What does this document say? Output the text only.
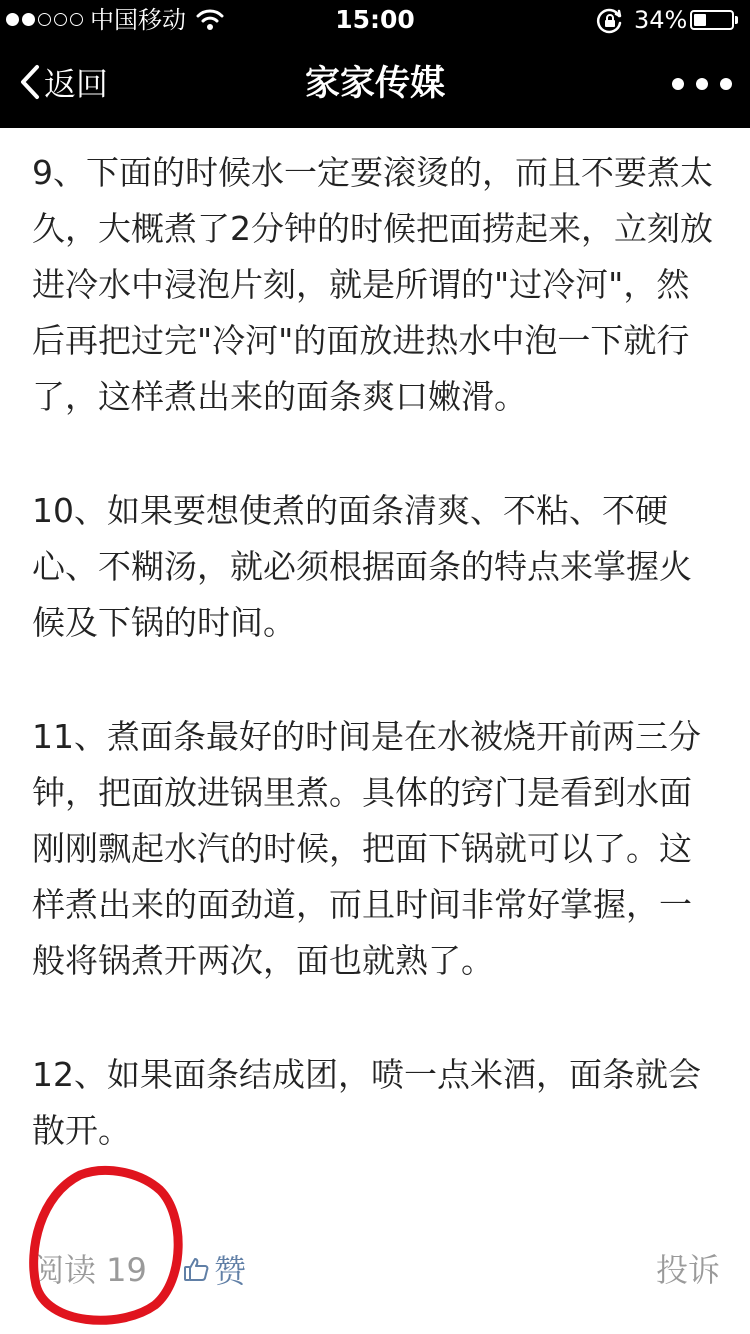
中国移动	15:00	34%
返回	家家传媒

9、下面的时候水一定要滚烫的，而且不要煮太久，大概煮了2分钟的时候把面捞起来，立刻放进冷水中浸泡片刻，就是所谓的"过冷河"，然后再把过完"冷河"的面放进热水中泡一下就行了，这样煮出来的面条爽口嫩滑。

10、如果要想使煮的面条清爽、不粘、不硬心、不糊汤，就必须根据面条的特点来掌握火候及下锅的时间。

11、煮面条最好的时间是在水被烧开前两三分钟，把面放进锅里煮。具体的窍门是看到水面刚刚飘起水汽的时候，把面下锅就可以了。这样煮出来的面劲道，而且时间非常好掌握，一般将锅煮开两次，面也就熟了。

12、如果面条结成团，喷一点米酒，面条就会散开。

阅读 19 赞	投诉
